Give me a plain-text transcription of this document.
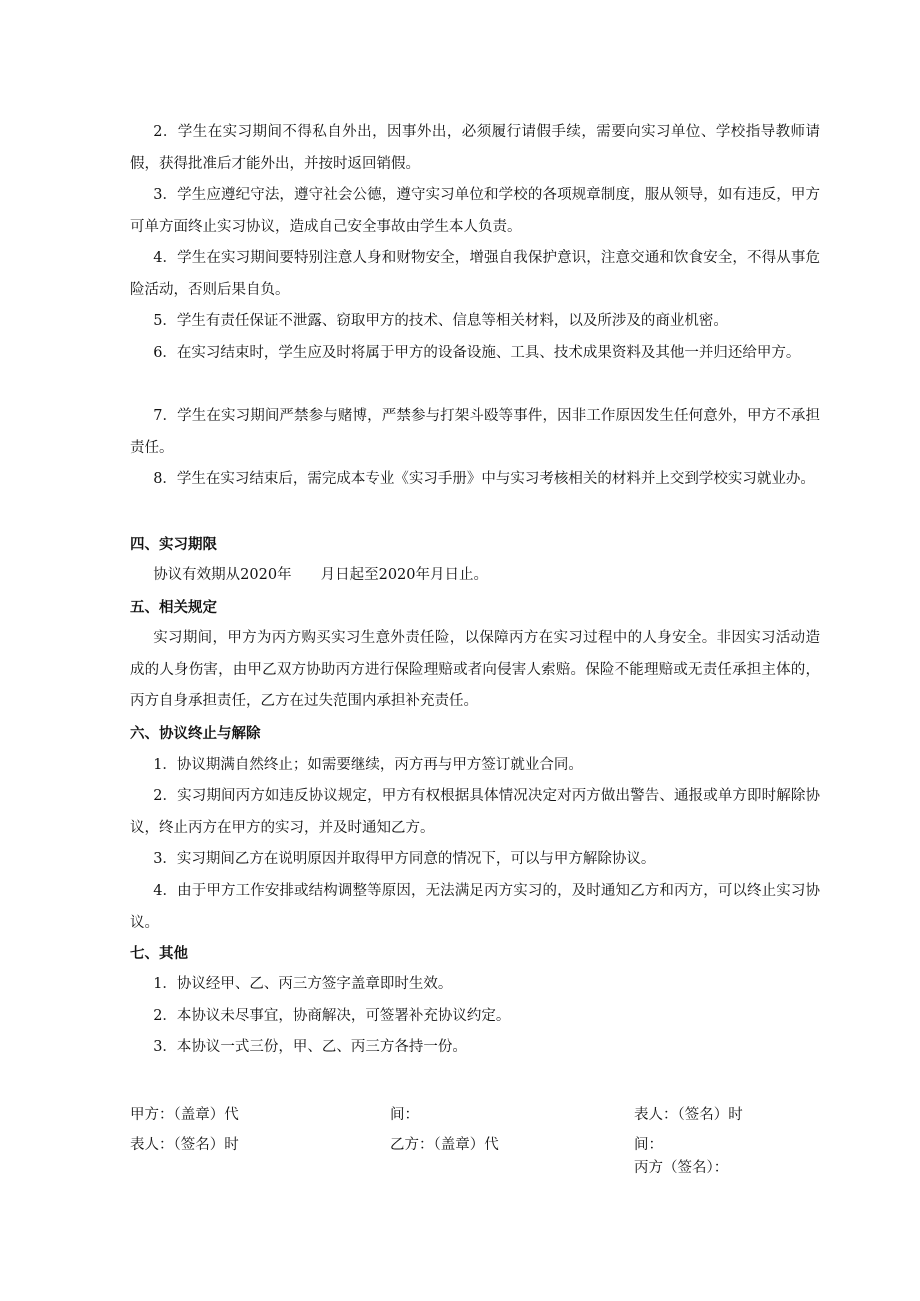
2．学生在实习期间不得私自外出，因事外出，必须履行请假手续，需要向实习单位、学校指导教师请假，获得批准后才能外出，并按时返回销假。

3．学生应遵纪守法，遵守社会公德，遵守实习单位和学校的各项规章制度，服从领导，如有违反，甲方可单方面终止实习协议，造成自己安全事故由学生本人负责。

4．学生在实习期间要特别注意人身和财物安全，增强自我保护意识，注意交通和饮食安全，不得从事危险活动，否则后果自负。

5．学生有责任保证不泄露、窃取甲方的技术、信息等相关材料，以及所涉及的商业机密。

6．在实习结束时，学生应及时将属于甲方的设备设施、工具、技术成果资料及其他一并归还给甲方。

7．学生在实习期间严禁参与赌博，严禁参与打架斗殴等事件，因非工作原因发生任何意外，甲方不承担责任。

8．学生在实习结束后，需完成本专业《实习手册》中与实习考核相关的材料并上交到学校实习就业办。

四、实习期限

协议有效期从2020年　　月日起至2020年月日止。

五、相关规定

实习期间，甲方为丙方购买实习生意外责任险，以保障丙方在实习过程中的人身安全。非因实习活动造成的人身伤害，由甲乙双方协助丙方进行保险理赔或者向侵害人索赔。保险不能理赔或无责任承担主体的，丙方自身承担责任，乙方在过失范围内承担补充责任。

六、协议终止与解除

1．协议期满自然终止；如需要继续，丙方再与甲方签订就业合同。

2．实习期间丙方如违反协议规定，甲方有权根据具体情况决定对丙方做出警告、通报或单方即时解除协议，终止丙方在甲方的实习，并及时通知乙方。

3．实习期间乙方在说明原因并取得甲方同意的情况下，可以与甲方解除协议。

4．由于甲方工作安排或结构调整等原因，无法满足丙方实习的，及时通知乙方和丙方，可以终止实习协议。

七、其他

1．协议经甲、乙、丙三方签字盖章即时生效。

2．本协议未尽事宜，协商解决，可签署补充协议约定。

3．本协议一式三份，甲、乙、丙三方各持一份。

甲方：（盖章）代	间：	表人：（签名）时
表人：（签名）时	乙方：（盖章）代	间：
丙方（签名）：
